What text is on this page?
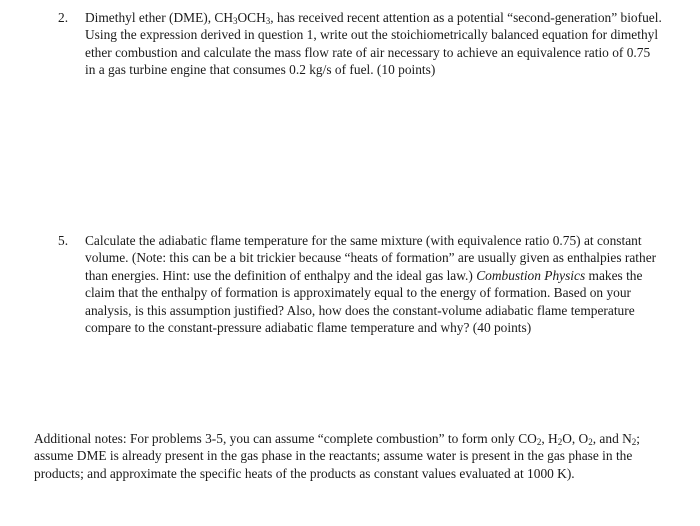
2.	Dimethyl ether (DME), $CH_3OCH_3$, has received recent attention as a potential “second-generation” biofuel. Using the expression derived in question 1, write out the stoichiometrically balanced equation for dimethyl ether combustion and calculate the mass flow rate of air necessary to achieve an equivalence ratio of 0.75 in a gas turbine engine that consumes 0.2 kg/s of fuel. (10 points)
5.	Calculate the adiabatic flame temperature for the same mixture (with equivalence ratio 0.75) at constant volume. (Note: this can be a bit trickier because “heats of formation” are usually given as enthalpies rather than energies. Hint: use the definition of enthalpy and the ideal gas law.) Combustion Physics makes the claim that the enthalpy of formation is approximately equal to the energy of formation. Based on your analysis, is this assumption justified? Also, how does the constant-volume adiabatic flame temperature compare to the constant-pressure adiabatic flame temperature and why? (40 points)
Additional notes: For problems 3-5, you can assume “complete combustion” to form only $CO_2$, $H_2O$, $O_2$, and $N_2$; assume DME is already present in the gas phase in the reactants; assume water is present in the gas phase in the products; and approximate the specific heats of the products as constant values evaluated at 1000 K).
